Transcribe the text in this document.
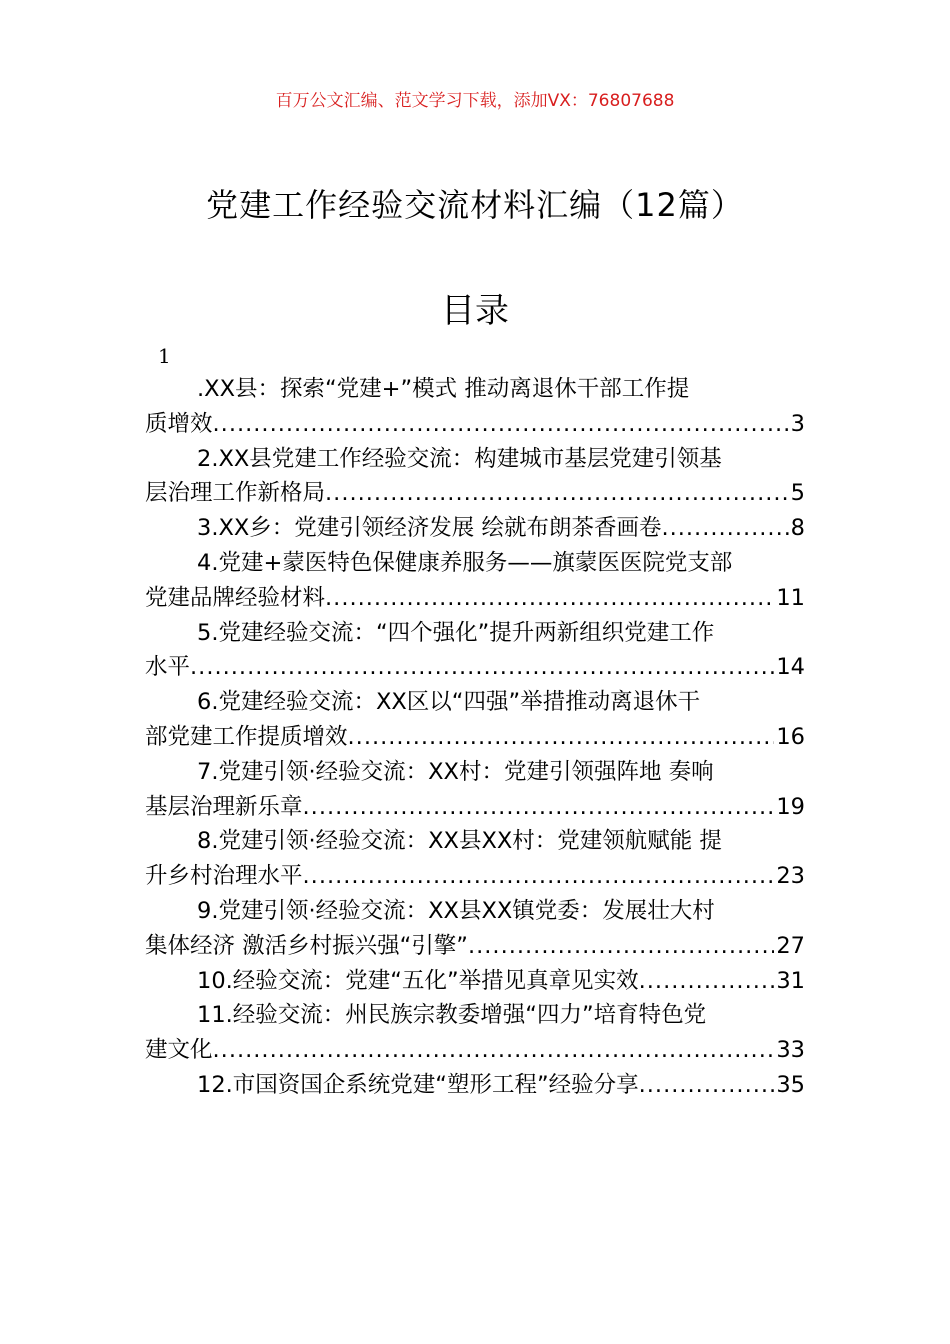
百万公文汇编、范文学习下载，添加VX：76807688
党建工作经验交流材料汇编（12篇）
目录
1
.XX县：探索“党建+”模式 推动离退休干部工作提
质增效 .....	3
2.XX县党建工作经验交流：构建城市基层党建引领基
层治理工作新格局 .....	5
3.XX乡：党建引领经济发展 绘就布朗茶香画卷 .....	8
4.党建+蒙医特色保健康养服务——旗蒙医医院党支部
党建品牌经验材料 .....	11
5.党建经验交流：“四个强化”提升两新组织党建工作
水平 .....	14
6.党建经验交流：XX区以“四强”举措推动离退休干
部党建工作提质增效 .....	16
7.党建引领·经验交流：XX村：党建引领强阵地 奏响
基层治理新乐章 .....	19
8.党建引领·经验交流：XX县XX村：党建领航赋能 提
升乡村治理水平 .....	23
9.党建引领·经验交流：XX县XX镇党委：发展壮大村
集体经济 激活乡村振兴强“引擎” .....	27
10.经验交流：党建“五化”举措见真章见实效 .....	31
11.经验交流：州民族宗教委增强“四力”培育特色党
建文化 .....	33
12.市国资国企系统党建“塑形工程”经验分享 .....	35
